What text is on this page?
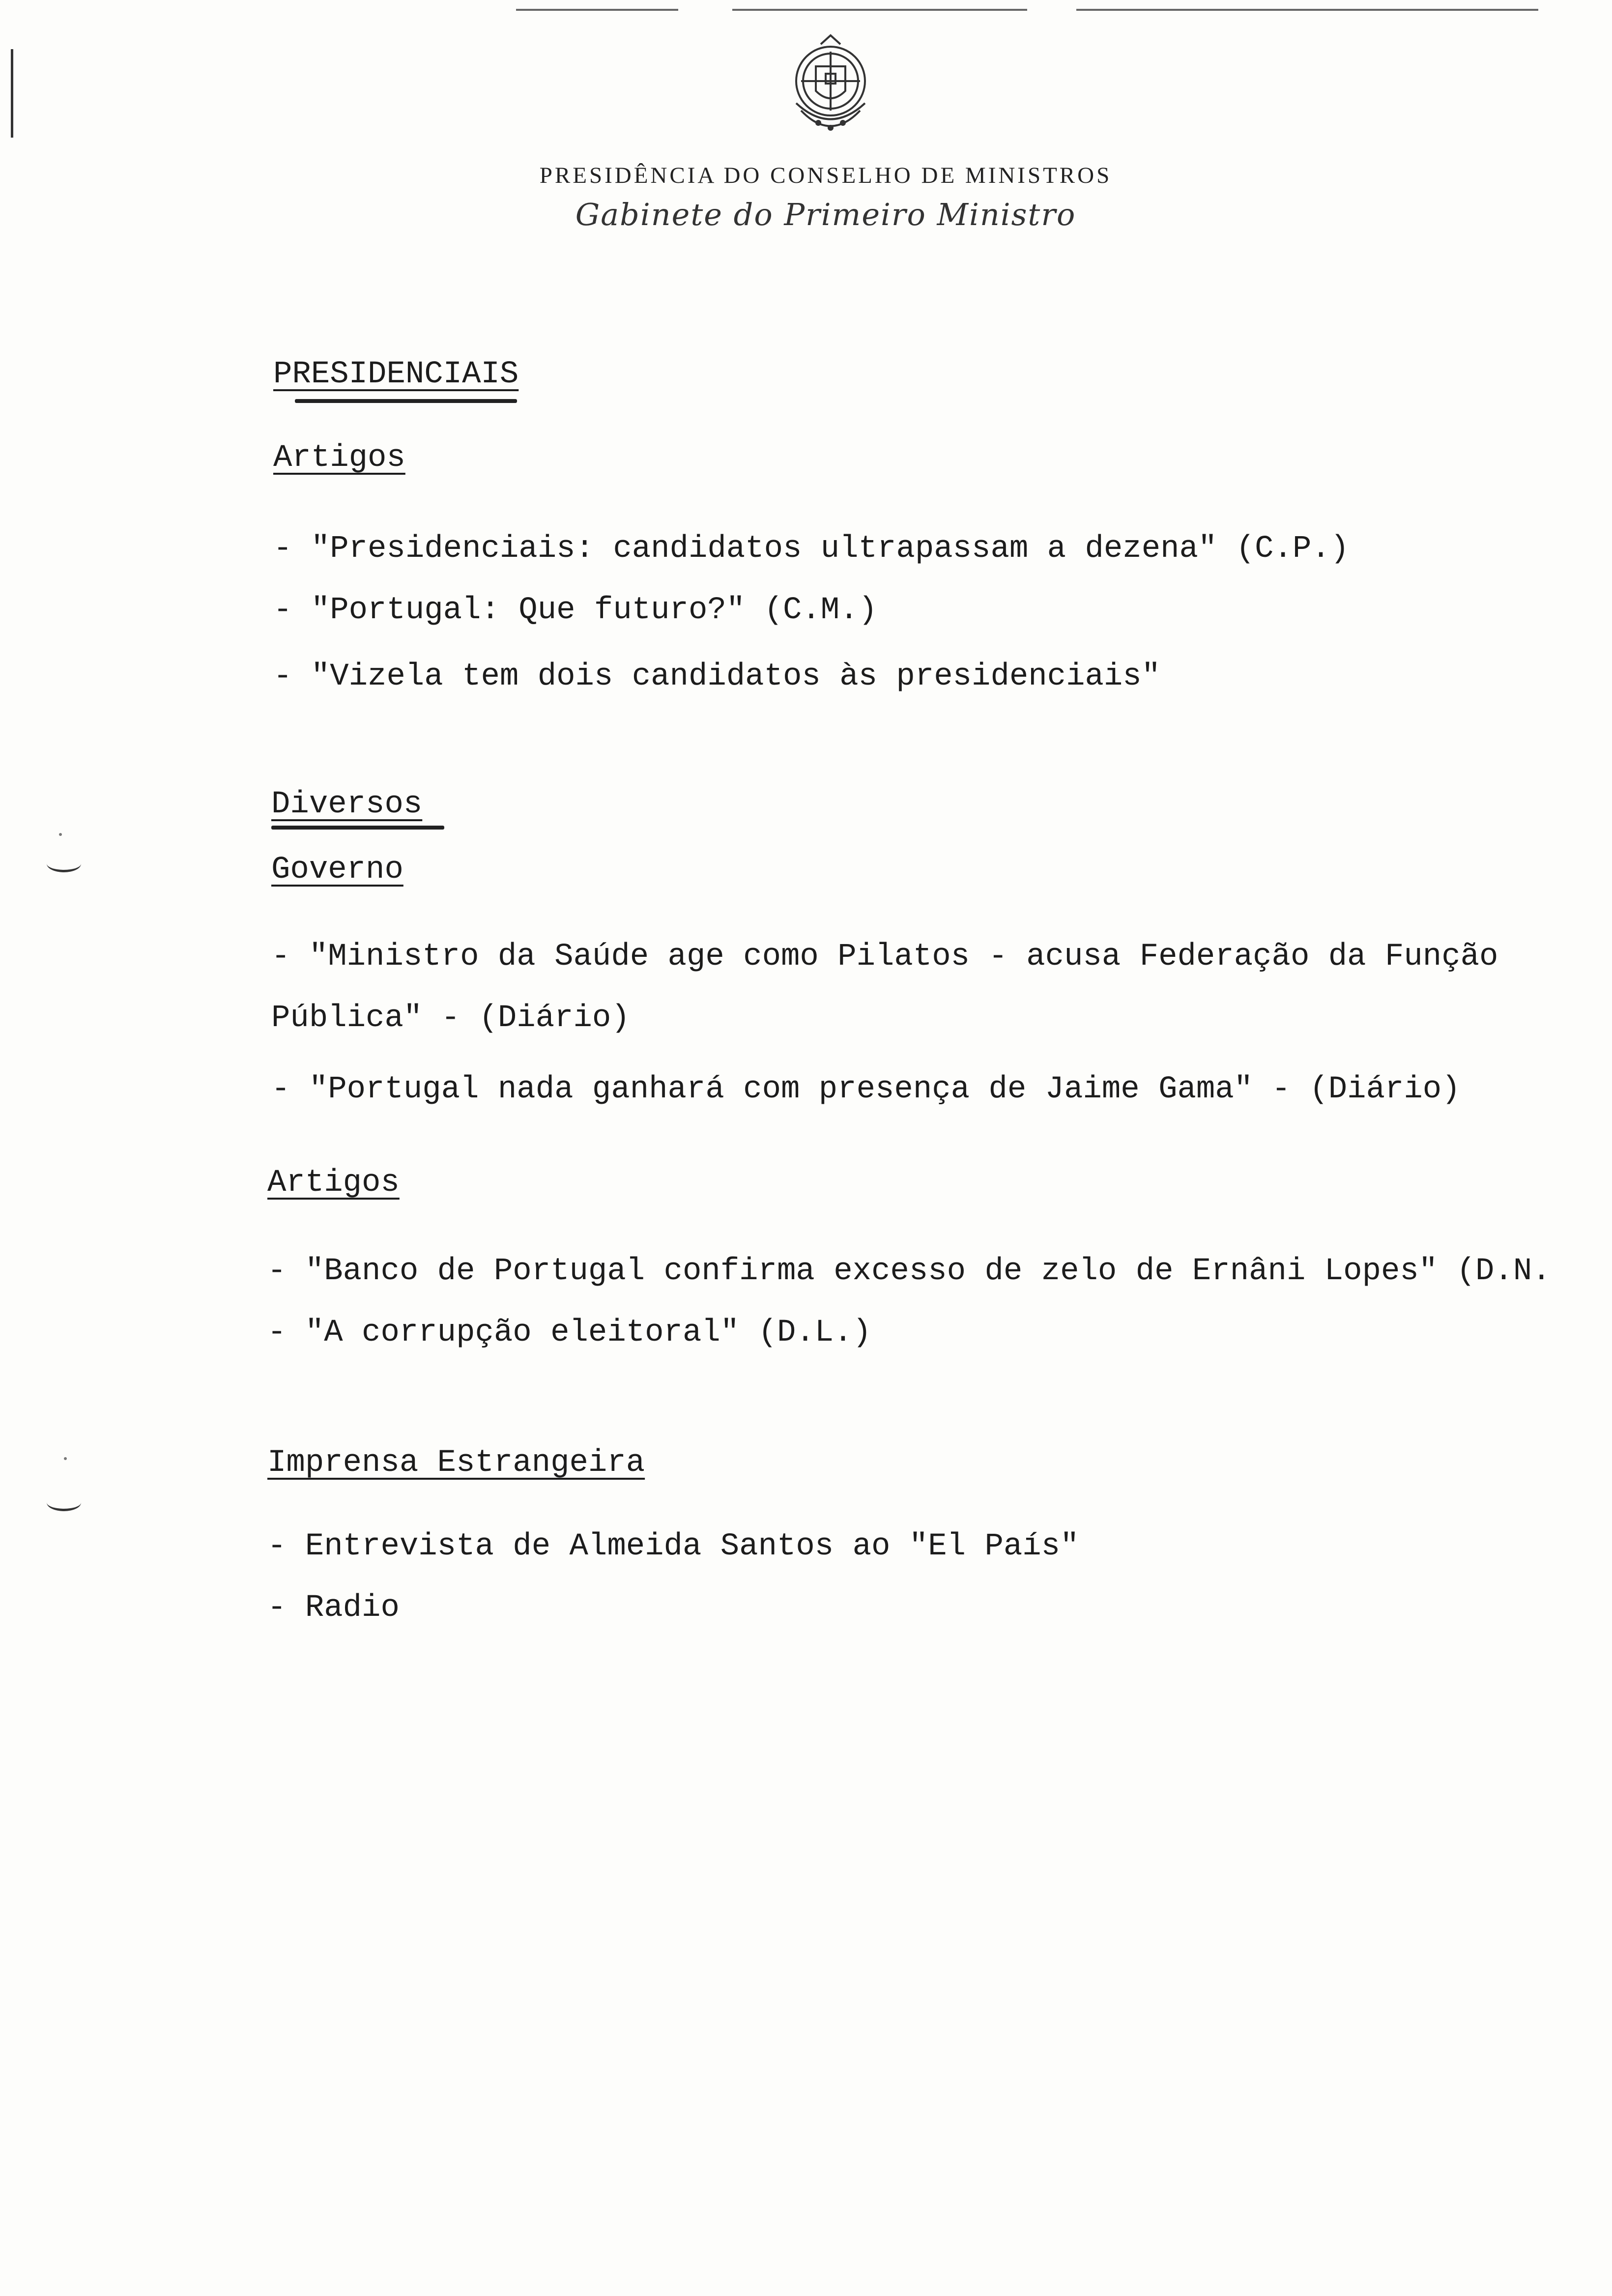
PRESIDÊNCIA DO CONSELHO DE MINISTROS
Gabinete do Primeiro Ministro
PRESIDENCIAIS
Artigos
- "Presidenciais: candidatos ultrapassam a dezena" (C.P.)
- "Portugal: Que futuro?" (C.M.)
- "Vizela tem dois candidatos às presidenciais"
Diversos
Governo
- "Ministro da Saúde age como Pilatos - acusa Federação da Função
Pública" - (Diário)
- "Portugal nada ganhará com presença de Jaime Gama" - (Diário)
Artigos
- "Banco de Portugal confirma excesso de zelo de Ernâni Lopes" (D.N.
- "A corrupção eleitoral" (D.L.)
Imprensa Estrangeira
- Entrevista de Almeida Santos ao "El País"
- Radio
